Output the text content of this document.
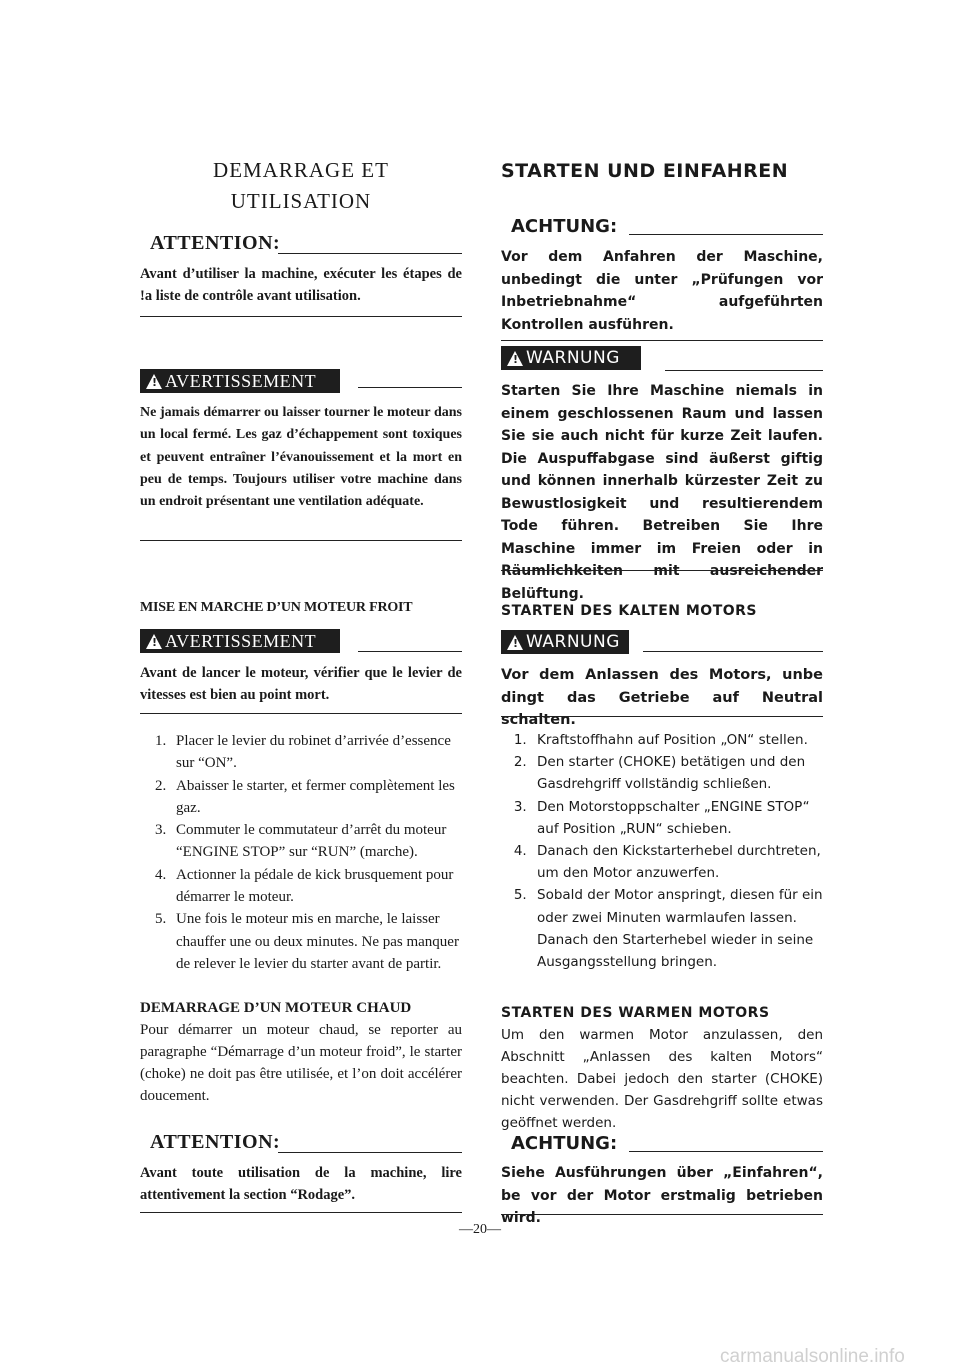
DEMARRAGE ET
UTILISATION
ATTENTION:
Avant d’utiliser la machine, exécuter les étapes de !a liste de contrôle avant utilisation.
!
AVERTISSEMENT
Ne jamais démarrer ou laisser tourner le moteur dans un local fermé. Les gaz d’échappement sont toxiques et peuvent entraîner l’évanouissement et la mort en peu de temps. Toujours utiliser votre machine dans un endroit présentant une ventilation adéquate.
MISE EN MARCHE D’UN MOTEUR FROIT
!
AVERTISSEMENT
Avant de lancer le moteur, vérifier que le levier de vitesses est bien au point mort.
1. Placer le levier du robinet d’arrivée d’essence sur “ON”.
2. Abaisser le starter, et fermer complètement les gaz.
3. Commuter le commutateur d’arrêt du moteur “ENGINE STOP” sur “RUN” (marche).
4. Actionner la pédale de kick brusquement pour démarrer le moteur.
5. Une fois le moteur mis en marche, le laisser chauffer une ou deux minutes. Ne pas manquer de relever le levier du starter avant de partir.
DEMARRAGE D’UN MOTEUR CHAUD
Pour démarrer un moteur chaud, se reporter au paragraphe “Démarrage d’un moteur froid”, le starter (choke) ne doit pas être utilisée, et l’on doit accélérer doucement.
ATTENTION:
Avant toute utilisation de la machine, lire attentivement la section “Rodage”.
STARTEN UND EINFAHREN
ACHTUNG:
Vor dem Anfahren der Maschine, unbedingt die unter „Prüfungen vor Inbetriebnahme“ aufgeführten Kontrollen ausführen.
!
WARNUNG
Starten Sie Ihre Maschine niemals in einem geschlossenen Raum und lassen Sie sie auch nicht für kurze Zeit laufen. Die Auspuffabgase sind äußerst giftig und können innerhalb kürzester Zeit zu Bewustlosigkeit und resultierendem Tode führen. Betreiben Sie Ihre Maschine immer im Freien oder in Räumlichkeiten mit ausreichender Belüftung.
STARTEN DES KALTEN MOTORS
!
WARNUNG
Vor dem Anlassen des Motors, unbe dingt das Getriebe auf Neutral schalten.
1. Kraftstoffhahn auf Position „ON“ stellen.
2. Den starter (CHOKE) betätigen und den Gasdrehgriff vollständig schließen.
3. Den Motorstoppschalter „ENGINE STOP“ auf Position „RUN“ schieben.
4. Danach den Kickstarterhebel durchtreten, um den Motor anzuwerfen.
5. Sobald der Motor anspringt, diesen für ein oder zwei Minuten warmlaufen lassen. Danach den Starterhebel wieder in seine Ausgangsstellung bringen.
STARTEN DES WARMEN MOTORS
Um den warmen Motor anzulassen, den Abschnitt „Anlassen des kalten Motors“ beachten. Dabei jedoch den starter (CHOKE) nicht verwenden. Der Gasdrehgriff sollte etwas geöffnet werden.
ACHTUNG:
Siehe Ausführungen über „Einfahren“, be vor der Motor erstmalig betrieben wird.
—20—
carmanualsonline.info
